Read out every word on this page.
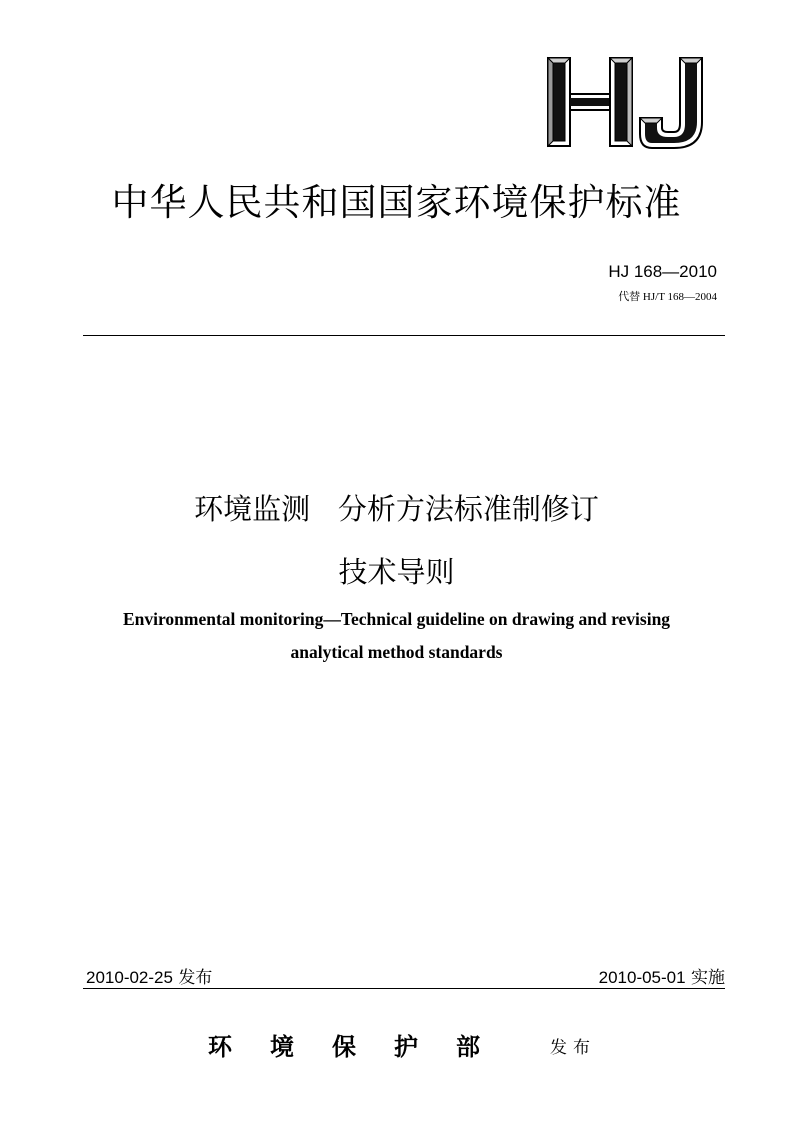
HJ
中华人民共和国国家环境保护标准
HJ 168—2010
代替 HJ/T 168—2004
环境监测   分析方法标准制修订
技术导则
Environmental monitoring—Technical guideline on drawing and revising
analytical method standards
2010-02-25 发布	2010-05-01 实施
环境保护部 发布
